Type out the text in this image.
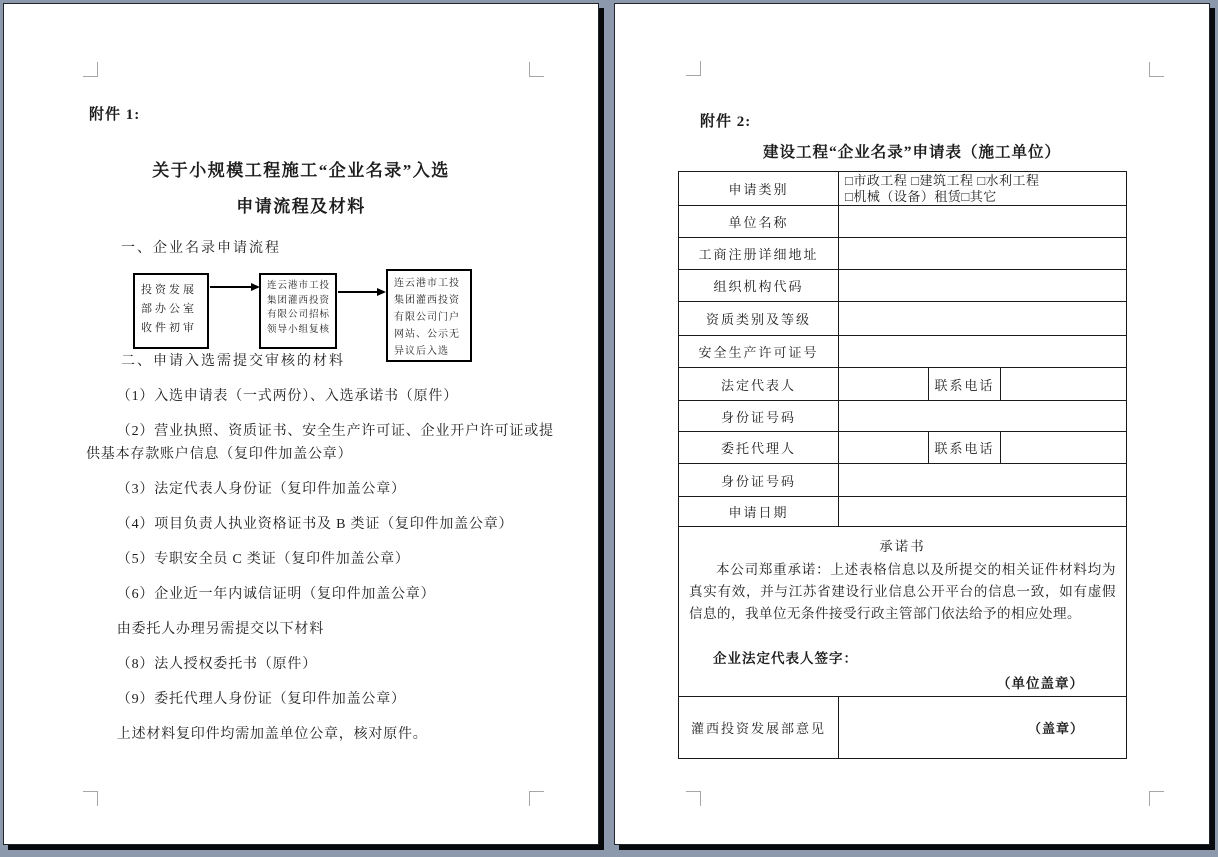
附件 1:
关于小规模工程施工“企业名录”入选
申请流程及材料
一、企业名录申请流程
投资发展部办公室收件初审
连云港市工投集团灌西投资有限公司招标领导小组复核
连云港市工投集团灌西投资有限公司门户网站、公示无异议后入选
二、申请入选需提交审核的材料

（1）入选申请表（一式两份）、入选承诺书（原件）

（2）营业执照、资质证书、安全生产许可证、企业开户许可证或提供基本存款账户信息（复印件加盖公章）

（3）法定代表人身份证（复印件加盖公章）

（4）项目负责人执业资格证书及 B 类证（复印件加盖公章）

（5）专职安全员 C 类证（复印件加盖公章）

（6）企业近一年内诚信证明（复印件加盖公章）

由委托人办理另需提交以下材料

（8）法人授权委托书（原件）

（9）委托代理人身份证（复印件加盖公章）

上述材料复印件均需加盖单位公章，核对原件。

附件 2:
建设工程“企业名录”申请表（施工单位）
申请类别	□市政工程 □建筑工程 □水利工程
□机械（设备）租赁□其它		

单位名称			
工商注册详细地址			
组织机构代码			
资质类别及等级			
安全生产许可证号			
法定代表人		联系电话	
身份证号码			
委托代理人		联系电话	
身份证号码			
申请日期			

承诺书
本公司郑重承诺：上述表格信息以及所提交的相关证件材料均为真实有效，并与江苏省建设行业信息公开平台的信息一致，如有虚假信息的，我单位无条件接受行政主管部门依法给予的相应处理。
企业法定代表人签字：
（单位盖章）			

灌西投资发展部意见	（盖章）		
